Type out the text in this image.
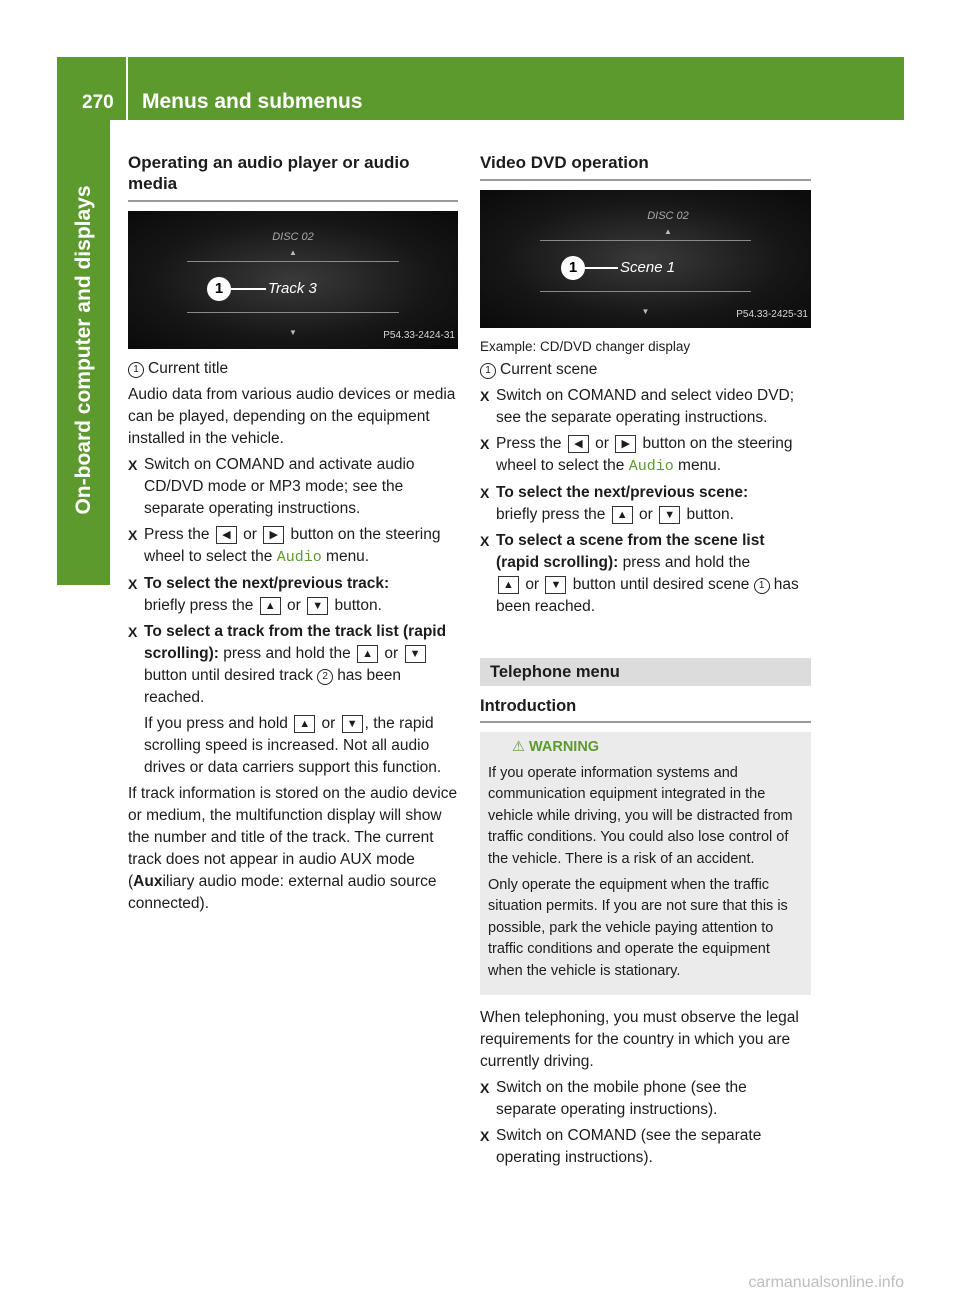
270 Menus and submenus
On-board computer and displays
Operating an audio player or audio media
DISC 02
▲
1	Track 3
▼	P54.33-2424-31

1 Current title

Audio data from various audio devices or media can be played, depending on the equipment installed in the vehicle.

X Switch on COMAND and activate audio CD/DVD mode or MP3 mode; see the separate operating instructions.
X Press the ◀ or ▶ button on the steering wheel to select the Audio menu.
X To select the next/previous track:
briefly press the ▲ or ▼ button.
X To select a track from the track list (rapid scrolling): press and hold the ▲ or ▼ button until desired track 2 has been reached.

If you press and hold ▲ or ▼ , the rapid scrolling speed is increased. Not all audio drives or data carriers support this function.

If track information is stored on the audio device or medium, the multifunction display will show the number and title of the track. The current track does not appear in audio AUX mode (Auxiliary audio mode: external audio source connected).

Video DVD operation
DISC 02
▲
1	Scene 1
▼	P54.33-2425-31

Example: CD/DVD changer display

1 Current scene

X Switch on COMAND and select video DVD; see the separate operating instructions.
X Press the ◀ or ▶ button on the steering wheel to select the Audio menu.
X To select the next/previous scene:
briefly press the ▲ or ▼ button.
X To select a scene from the scene list (rapid scrolling): press and hold the
▲ or ▼ button until desired scene 1 has been reached.
Telephone menu
Introduction
⚠ WARNING

If you operate information systems and communication equipment integrated in the vehicle while driving, you will be distracted from traffic conditions. You could also lose control of the vehicle. There is a risk of an accident.

Only operate the equipment when the traffic situation permits. If you are not sure that this is possible, park the vehicle paying attention to traffic conditions and operate the equipment when the vehicle is stationary.

When telephoning, you must observe the legal requirements for the country in which you are currently driving.

X Switch on the mobile phone (see the separate operating instructions).
X Switch on COMAND (see the separate operating instructions).
carmanualsonline.info
